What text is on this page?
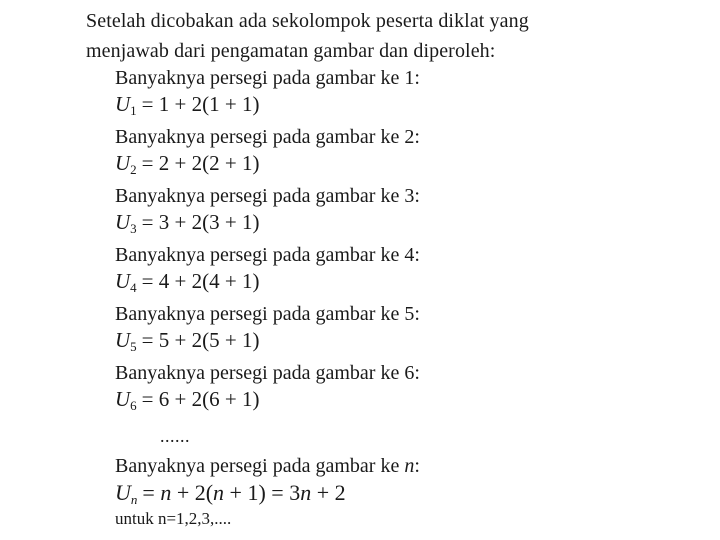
Setelah dicobakan ada sekolompok peserta diklat yang

menjawab dari pengamatan gambar dan diperoleh:

Banyaknya persegi pada gambar ke 1:
$U_1 = 1 + 2(1 + 1)$
Banyaknya persegi pada gambar ke 2:
$U_2 = 2 + 2(2 + 1)$
Banyaknya persegi pada gambar ke 3:
$U_3 = 3 + 2(3 + 1)$
Banyaknya persegi pada gambar ke 4:
$U_4 = 4 + 2(4 + 1)$
Banyaknya persegi pada gambar ke 5:
$U_5 = 5 + 2(5 + 1)$
Banyaknya persegi pada gambar ke 6:
$U_6 = 6 + 2(6 + 1)$
......
Banyaknya persegi pada gambar ke n:
$U_n = n + 2(n + 1) = 3n + 2$
untuk n=1,2,3,....
